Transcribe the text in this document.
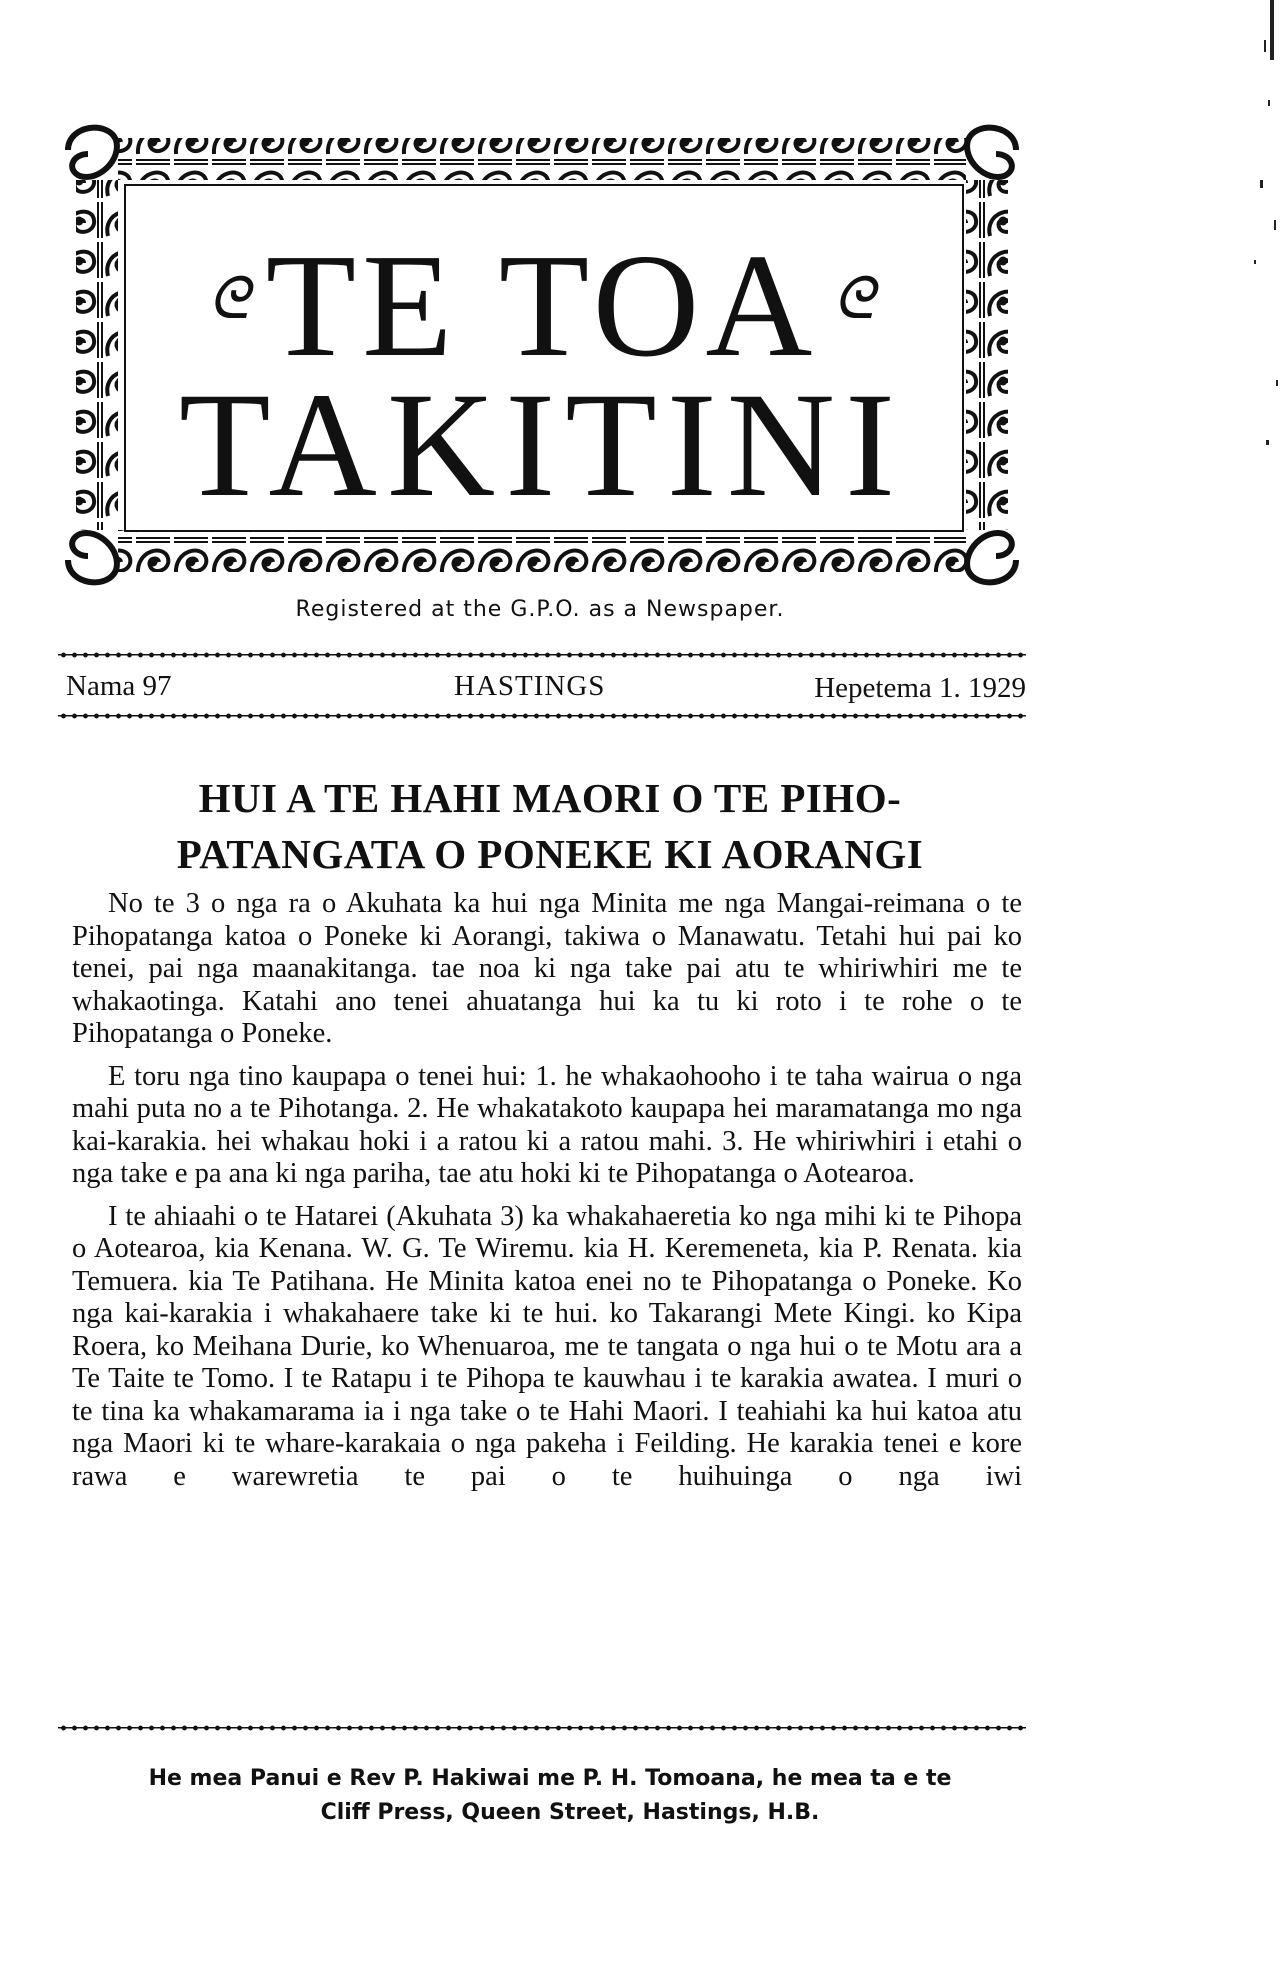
ᘓ	ᘓ
TE TOA
TAKITINI
Registered at the G.P.O. as a Newspaper.
Nama 97	HASTINGS	Hepetema 1. 1929
HUI A TE HAHI MAORI O TE PIHO-
PATANGATA O PONEKE KI AORANGI

No te 3 o nga ra o Akuhata ka hui nga Minita me nga Mangai-reimana o te Pihopatanga katoa o Poneke ki Aorangi, takiwa o Manawatu. Tetahi hui pai ko tenei, pai nga maanakitanga. tae noa ki nga take pai atu te whiriwhiri me te whakaotinga. Katahi ano tenei ahuatanga hui ka tu ki roto i te rohe o te Pihopatanga o Poneke.

E toru nga tino kaupapa o tenei hui: 1. he whakaohooho i te taha wairua o nga mahi puta no a te Pihotanga. 2. He whakatakoto kaupapa hei maramatanga mo nga kai-karakia. hei whakau hoki i a ratou ki a ratou mahi. 3. He whiriwhiri i etahi o nga take e pa ana ki nga pariha, tae atu hoki ki te Pihopatanga o Aotearoa.

I te ahiaahi o te Hatarei (Akuhata 3) ka whakahaeretia ko nga mihi ki te Pihopa o Aotearoa, kia Kenana. W. G. Te Wiremu. kia H. Keremeneta, kia P. Renata. kia Temuera. kia Te Patihana. He Minita katoa enei no te Pihopatanga o Poneke. Ko nga kai-karakia i whakahaere take ki te hui. ko Takarangi Mete Kingi. ko Kipa Roera, ko Meihana Durie, ko Whenuaroa, me te tangata o nga hui o te Motu ara a Te Taite te Tomo. I te Ratapu i te Pihopa te kauwhau i te karakia awatea. I muri o te tina ka whakamarama ia i nga take o te Hahi Maori. I teahiahi ka hui katoa atu nga Maori ki te whare-karakaia o nga pakeha i Feilding. He karakia tenei e kore rawa e warewretia te pai o te huihuinga o nga iwi

He mea Panui e Rev P. Hakiwai me P. H. Tomoana, he mea ta e te
Cliff Press, Queen Street, Hastings, H.B.
